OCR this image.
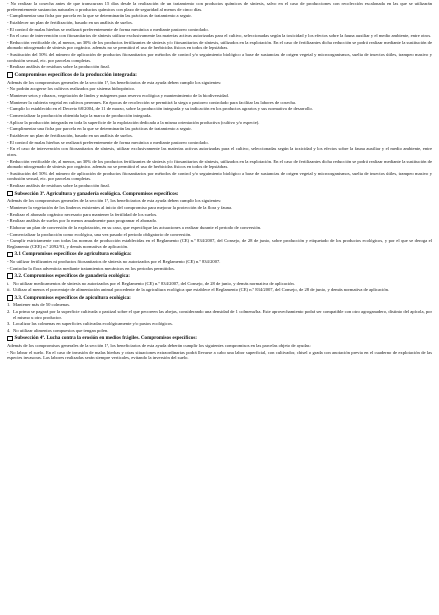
- No realizar la cosecha antes de que transcurran 15 días desde la realización de un tratamiento con productos químicos de síntesis, salvo en el caso de producciones con recolección escalonada en las que se utilizarán preferentemente sustancias naturales o productos químicos con plazo de seguridad al menos de cinco días.

- Cumplimentar una ficha por parcela en la que se determinarán las prácticas de tratamiento a seguir.

- Establecer un plan de fertilización, basado en un análisis de suelos.

- El control de malas hierbas se realizará preferentemente de forma mecánica o mediante pastoreo controlado.

- En el caso de intervención con fitosanitarios de síntesis utilizar exclusivamente las materias activas autorizadas para el cultivo, seleccionadas según la toxicidad y los efectos sobre la fauna auxiliar y el medio ambiente, entre otros.

- Reducción verificable de, al menos, un 30% de los productos fertilizantes de síntesis y/o fitosanitarios de síntesis, utilizados en la explotación. En el caso de fertilizantes dicha reducción se podrá realizar mediante la sustitución de abonado nitrogenado de síntesis por orgánico. además no se permitirá el uso de herbicidas físicos en todos de lepsiádras.

- Sustitución del 50% del número de aplicación de productos fitosanitarios por métodos de control y/o seguimiento biológico a base de sustancias de origen vegetal y microorganismos, suelta de insectos útiles, trampeo masivo y confusión sexual, etc. por parcelas completas.

- Realizar análisis de residuos sobre la producción final.

Compromisos específicos de la producción integrada:

Además de los compromisos generales de la sección 1ª, los beneficiarios de esta ayuda deben cumplir los siguientes:

- No podrán acogerse los cultivos realizados por sistema hidropónico.

- Mantener setos y ribazos, vegetación de lindes y márgenes para reserva ecológica y mantenimiento de la biodiversidad.

- Mantener la cubierta vegetal en cultivos perennes. En épocas de recolección se permitirá la siega o pastoreo controlado para facilitar las labores de cosecha.

- Cumplir lo establecido en el Decreto 68/2004, de 11 de marzo, sobre la producción integrada y su indicación en los productos agrarios y sus normativa de desarrollo.

- Comercializar la producción obtenida bajo la marca de producción integrada.

- Aplicar la producción integrada en toda la superficie de la explotación dedicada a la misma orientación productiva (cultivo y/o especie).

- Cumplimentar una ficha por parcela en la que se determinarán las prácticas de tratamiento a seguir.

- Establecer un plan de fertilización, basado en un análisis de suelos.

- El control de malas hierbas se realizará preferentemente de forma mecánica o mediante pastoreo controlado.

- En el caso de intervención con fitosanitarios de síntesis, utilizar exclusivamente las materias activas autorizadas para el cultivo, seleccionadas según la toxicidad y los efectos sobre la fauna auxiliar y el medio ambiente, entre otros.

- Reducción verificable de, al menos, un 30% de los productos fertilizantes de síntesis y/o fitosanitarios de síntesis, utilizados en la explotación. En el caso de fertilizantes dicha reducción se podrá realizar mediante la sustitución de abonado nitrogenado de síntesis por orgánico. además no se permitirá el uso de herbicidas físicos en todos de lepsiádras.

- Sustitución del 50% del número de aplicación de productos fitosanitarios por métodos de control y/o seguimiento biológico a base de sustancias de origen vegetal y microorganismos, suelta de insectos útiles, trampeo masivo y confusión sexual, etc. por parcelas completas.

- Realizar análisis de residuos sobre la producción final.

Subsección 3ª. Agricultura y ganadería ecológica. Compromisos específicos:

Además de los compromisos generales de la sección 1ª, los beneficiarios de esta ayuda deben cumplir los siguientes:

- Mantener la vegetación de los linderos existentes al inicio del compromiso para mejorar la protección de la flora y fauna.

- Realizar el abonado orgánico necesario para mantener la fertilidad de los suelos.

- Realizar análisis de suelos por lo menos anualmente para programar el abonado.

- Elaborar un plan de conversión de la explotación, en su caso, que especifique las actuaciones a realizar durante el periodo de conversión.

- Comercializar la producción como ecológica, una vez pasado el periodo obligatorio de conversión.

- Cumplir estrictamente con todas las normas de producción establecidas en el Reglamento (CE) n.º 834/2007, del Consejo, de 28 de junio, sobre producción y etiquetado de los productos ecológicos, y por el que se deroga el Reglamento (CEE) n.º 2092/91, y demás normativa de aplicación.

3.1 Compromisos específicos de agricultura ecológica:

- No utilizar fertilizantes ni productos fitosanitarios de síntesis no autorizados por el Reglamento (CE) n.º 834/2007.

- Controlar la flora adventicia mediante tratamientos mecánicos en los periodos permitidos.

3.2. Compromisos específicos de ganadería ecológica:
i. No utilizar medicamentos de síntesis no autorizados por el Reglamento (CE) n.º 834/2007, del Consejo, de 28 de junio, y demás normativa de aplicación.
ii. Utilizar al menos el porcentaje de alimentación animal procedente de la agricultura ecológica que establece el Reglamento (CE) n.º 834/2007, del Consejo, de 28 de junio, y demás normativa de aplicación.
3.3. Compromisos específicos de apicultura ecológica:
1. Mantener más de 50 colmenas.
2. La prima se pagará por la superficie cultivada o pastizal sobre el que pecoreen las abejas, considerando una densidad de 1 colmena/ha. Este aprovechamiento podrá ser compatible con otro agroganadero, distinto del apícola, por el mismo u otro productor.
3. Localizar las colmenas en superficies cultivadas ecológicamente y/o pastos ecológicos.
4. No utilizar alimentos compuestos que tengan polen.
Subsección 4ª. Lucha contra la erosión en medios frágiles. Compromisos específicos:

Además de los compromisos generales de la sección 1ª, los beneficiarios de esta ayuda deberán cumplir los siguientes compromisos en las parcelas objeto de ayudas:

- No labrar el suelo. En el caso de invasión de malas hierbas y otras situaciones extraordinarias podrá llevarse a cabo una labor superficial, con cultivador, chisel o grada con anotación previa en el cuaderno de explotación de las especies invasoras. Las labores realizadas serán siempre verticales, evitando la inversión del suelo.
